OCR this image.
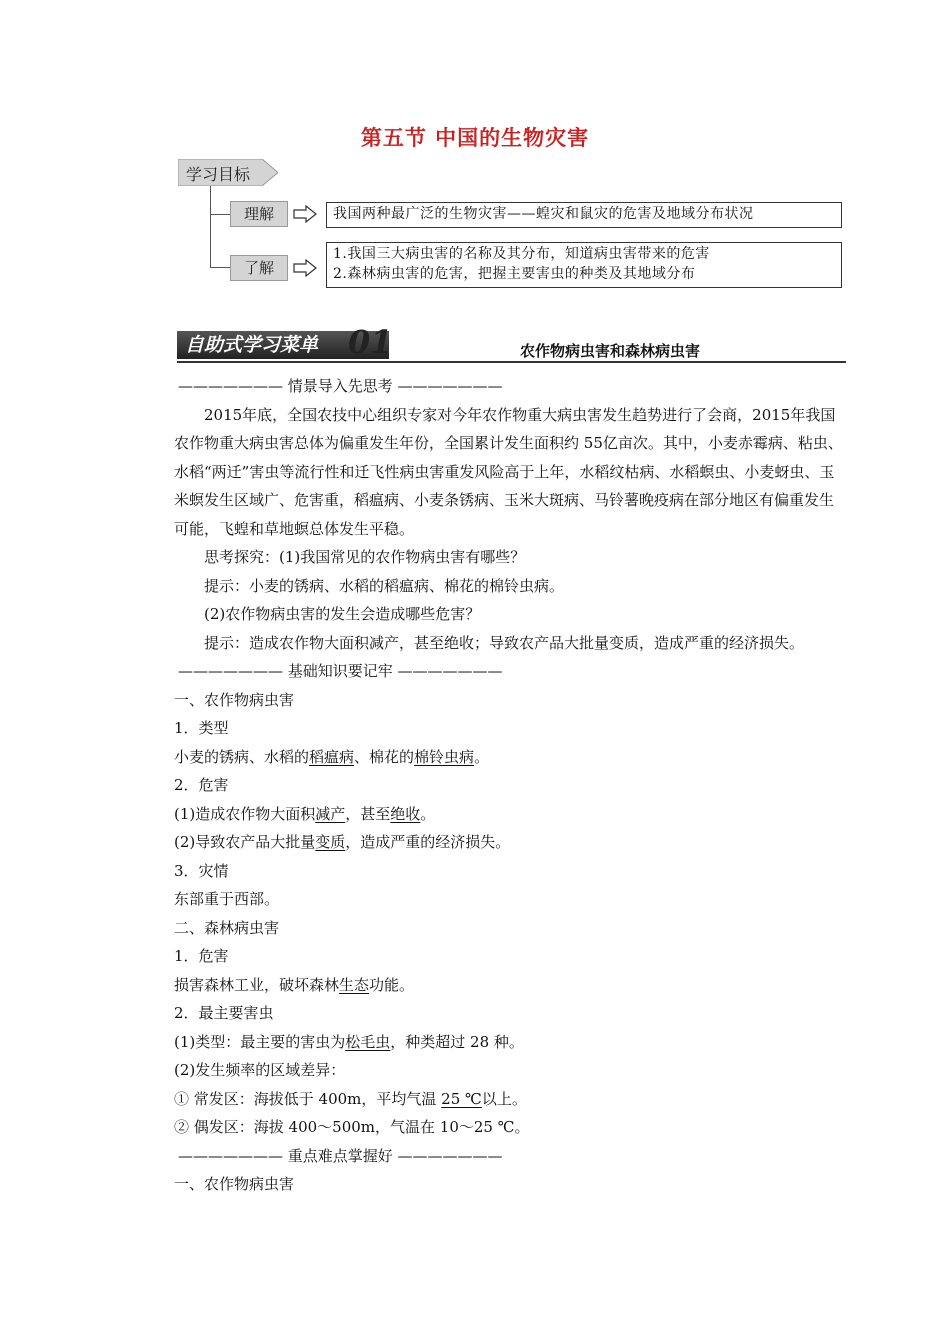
第五节 中国的生物灾害
学习目标
理解	我国两种最广泛的生物灾害——蝗灾和鼠灾的危害及地域分布状况
了解
1.我国三大病虫害的名称及其分布，知道病虫害带来的危害
2.森林病虫害的危害，把握主要害虫的种类及其地域分布
自助式学习菜单 01	农作物病虫害和森林病虫害

——————— 情景导入先思考 ———————

2015年底，全国农技中心组织专家对今年农作物重大病虫害发生趋势进行了会商，2015年我国农作物重大病虫害总体为偏重发生年份，全国累计发生面积约 55亿亩次。其中，小麦赤霉病、粘虫、水稻“两迁”害虫等流行性和迁飞性病虫害重发风险高于上年，水稻纹枯病、水稻螟虫、小麦蚜虫、玉米螟发生区域广、危害重，稻瘟病、小麦条锈病、玉米大斑病、马铃薯晚疫病在部分地区有偏重发生可能，飞蝗和草地螟总体发生平稳。

思考探究：(1)我国常见的农作物病虫害有哪些？

提示：小麦的锈病、水稻的稻瘟病、棉花的棉铃虫病。

(2)农作物病虫害的发生会造成哪些危害？

提示：造成农作物大面积减产，甚至绝收；导致农产品大批量变质，造成严重的经济损失。

——————— 基础知识要记牢 ———————

一、农作物病虫害

1．类型

小麦的锈病、水稻的稻瘟病、棉花的棉铃虫病。

2．危害

(1)造成农作物大面积减产，甚至绝收。

(2)导致农产品大批量变质，造成严重的经济损失。

3．灾情

东部重于西部。

二、森林病虫害

1．危害

损害森林工业，破坏森林生态功能。

2．最主要害虫

(1)类型：最主要的害虫为松毛虫，种类超过 28 种。

(2)发生频率的区域差异：

① 常发区：海拔低于 400m，平均气温 25 ℃以上。

② 偶发区：海拔 400～500m，气温在 10～25 ℃。

——————— 重点难点掌握好 ———————

一、农作物病虫害
